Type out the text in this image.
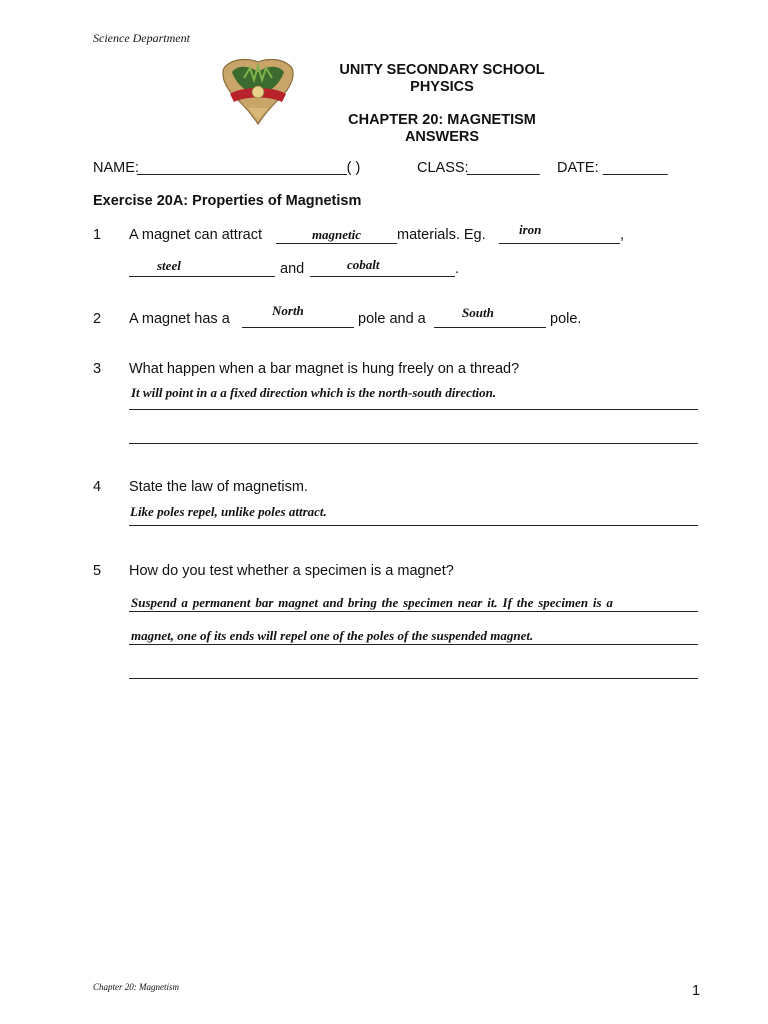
Science Department
UNITY SECONDARY SCHOOL
PHYSICS
CHAPTER 20: MAGNETISM
ANSWERS
NAME:
__________________________( )	CLASS:
_________ DATE: ________
Exercise 20A: Properties of Magnetism
1 A magnet can attract	magnetic	materials. Eg.	iron	,
steel	and	cobalt	.
2 A magnet has a
North
pole and a	South	pole.
3 What happen when a bar magnet is hung freely on a thread?
It will point in a a fixed direction which is the north-south direction.
4 State the law of magnetism.
Like poles repel, unlike poles attract.
5 How do you test whether a specimen is a magnet?
Suspend a permanent bar magnet and bring the specimen near it. If the specimen is a
magnet, one of its ends will repel one of the poles of the suspended magnet.
Chapter 20: Magnetism	1
